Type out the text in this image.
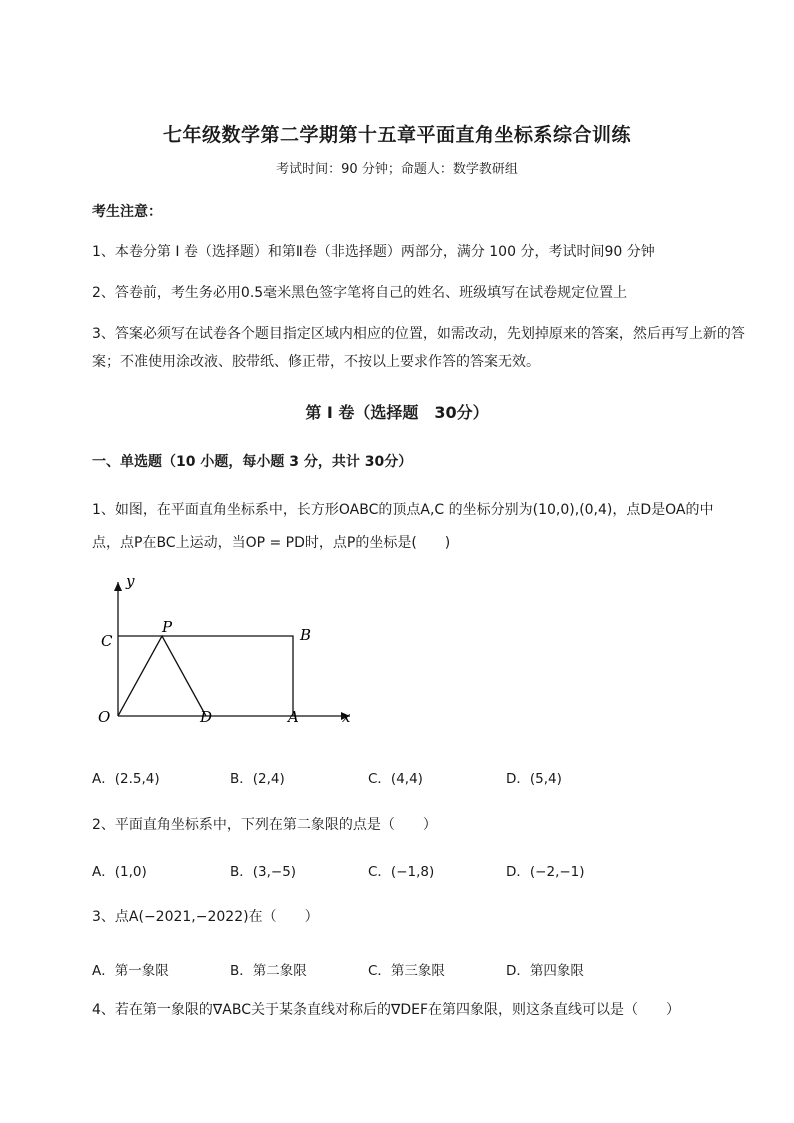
七年级数学第二学期第十五章平面直角坐标系综合训练
考试时间：90 分钟；命题人：数学教研组
考生注意：
1、本卷分第 I 卷（选择题）和第Ⅱ卷（非选择题）两部分，满分 100 分，考试时间90 分钟
2、答卷前，考生务必用0.5毫米黑色签字笔将自己的姓名、班级填写在试卷规定位置上
3、答案必须写在试卷各个题目指定区域内相应的位置，如需改动，先划掉原来的答案，然后再写上新的答案；不准使用涂改液、胶带纸、修正带，不按以上要求作答的答案无效。
第 I 卷（选择题　30分）
一、单选题（10 小题，每小题 3 分，共计 30分）
1、如图，在平面直角坐标系中，长方形OABC的顶点A,C 的坐标分别为(10,0),(0,4)，点D是OA的中
点，点P在BC上运动，当OP = PD时，点P的坐标是(　　)
y
x
O	D	A
B
C
P
A．(2.5,4)	B．(2,4)	C．(4,4)	D．(5,4)
2、平面直角坐标系中，下列在第二象限的点是（　　）
A．(1,0)	B．(3,−5)	C．(−1,8)	D．(−2,−1)
3、点A(−2021,−2022)在（　　）
A．第一象限	B．第二象限	C．第三象限	D．第四象限
4、若在第一象限的∇ABC关于某条直线对称后的∇DEF在第四象限，则这条直线可以是（　　）
